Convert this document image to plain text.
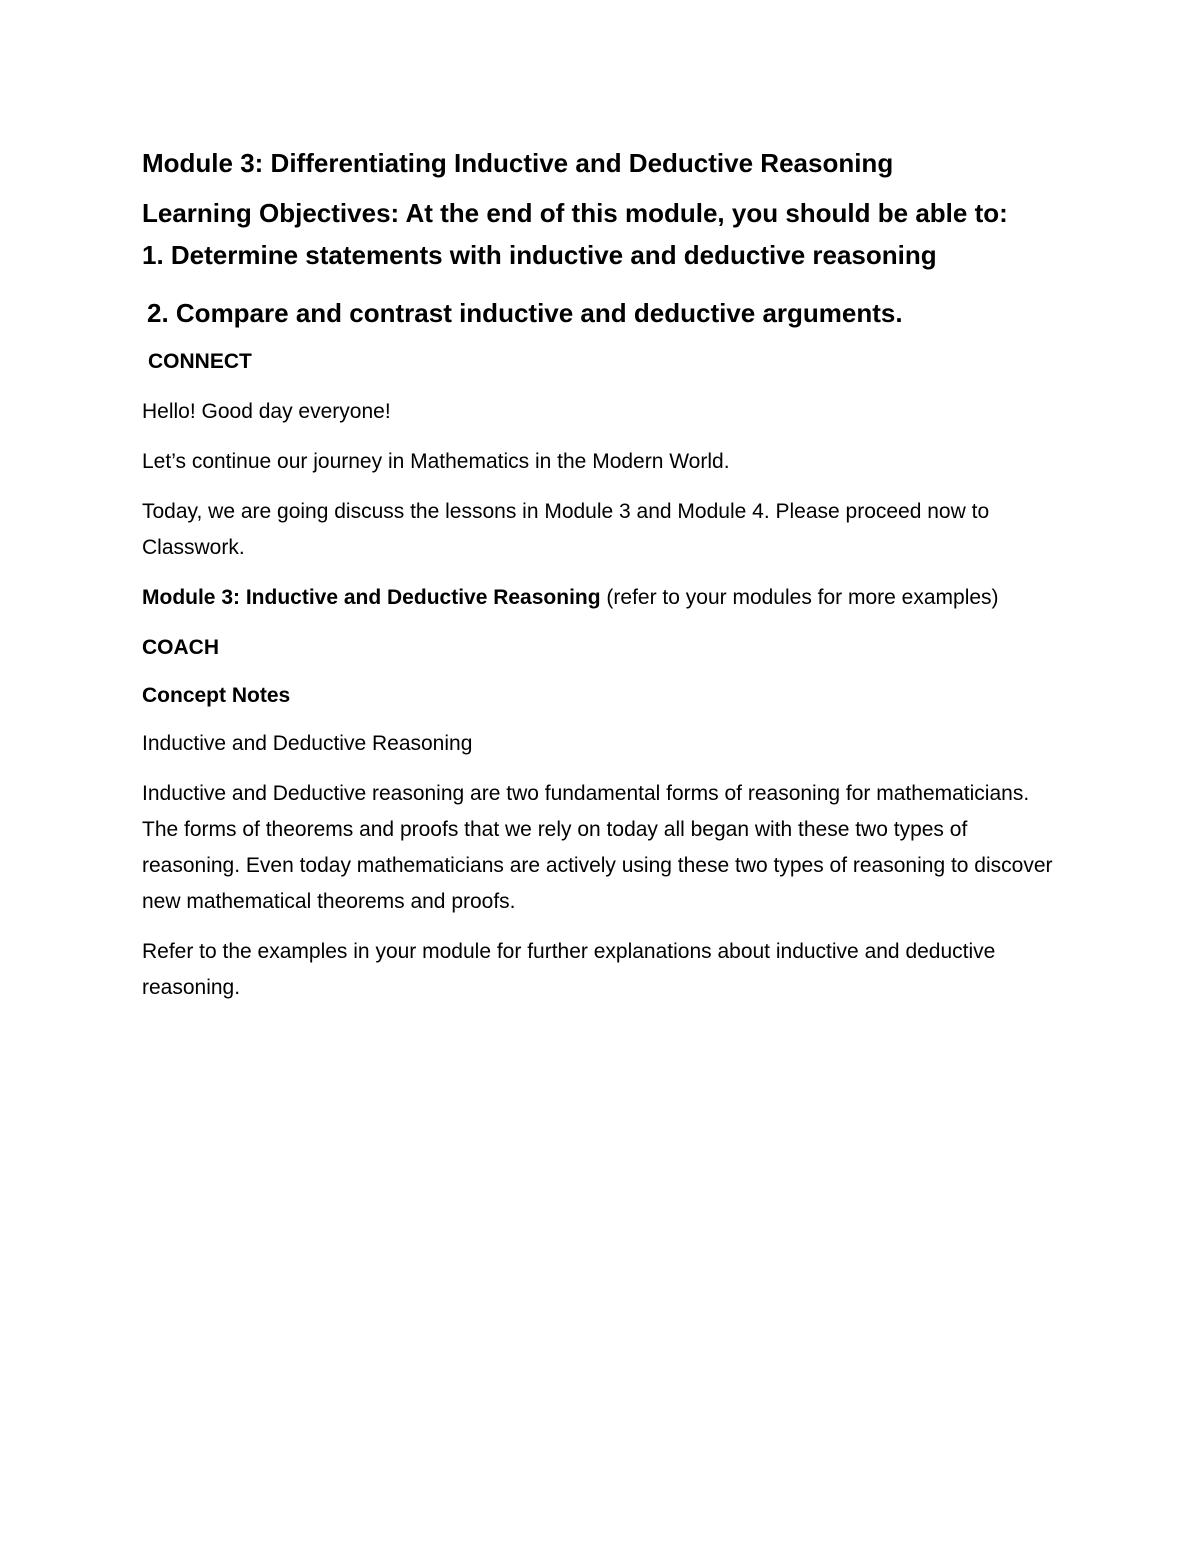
Module 3: Differentiating Inductive and Deductive Reasoning

Learning Objectives: At the end of this module, you should be able to:

1. Determine statements with inductive and deductive reasoning

2. Compare and contrast inductive and deductive arguments.

CONNECT

Hello! Good day everyone!

Let’s continue our journey in Mathematics in the Modern World.

Today, we are going discuss the lessons in Module 3 and Module 4. Please proceed now to Classwork.

Module 3: Inductive and Deductive Reasoning (refer to your modules for more examples)

COACH

Concept Notes

Inductive and Deductive Reasoning

Inductive and Deductive reasoning are two fundamental forms of reasoning for mathematicians. The forms of theorems and proofs that we rely on today all began with these two types of reasoning. Even today mathematicians are actively using these two types of reasoning to discover new mathematical theorems and proofs.

Refer to the examples in your module for further explanations about inductive and deductive reasoning.
